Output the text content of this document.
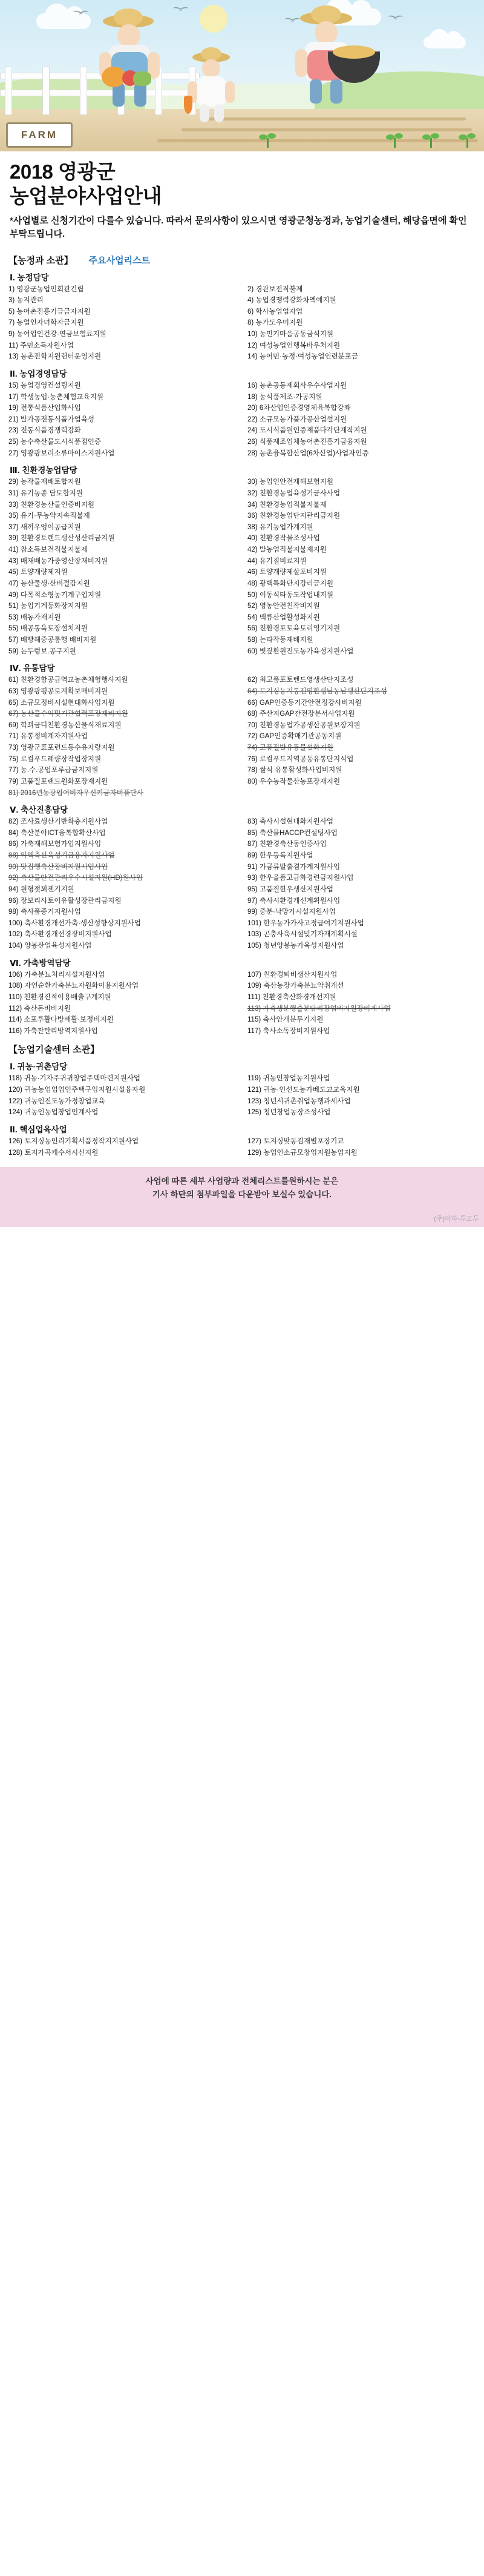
FARM
2018 영광군
농업분야사업안내
*사업별로 신청기간이 다를수 있습니다. 따라서 문의사항이 있으시면 영광군청농정과, 농업기술센터, 해당읍면에 확인부탁드립니다.
【농정과 소관】 주요사업리스트
Ⅰ. 농정담당
1) 영광군농업인회관건립	2) 경관보전직불제
3) 농지관리	4) 농업경쟁력강화차액예지원
5) 농어촌진흥기금금자지원	6) 학사농업업자업
7) 농업인자녀학자금지원	8) 농가도우미지원
9) 농어업인건강·연금보험료지원	10) 농민기마음공동금식지원
11) 주민소득자원사업	12) 여성농업인행복바우처지원
13) 농촌진학지원련터운영지원	14) 농어민·농정·여성농업인련분포금
Ⅱ. 농업경영담당
15) 농업경영컨설팅지원	16) 농촌공동제회사우수사업지원
17) 학생농업·농촌체험교육지원	18) 농식품제조·가공지원
19) 전통식품산업화사업	20) 6차산업인증경영체육복합강좌
21) 발가공전통식품가업육성	22) 소규모농가품가공산업설지원
23) 전통식품경쟁력강화	24) 도시식품원인증제품다각단계작지원
25) 농수축산물도시식품점인증	26) 식품제조업체농어촌진흥기금융지원
27) 영광광보리소류마이스지원사업	28) 농촌융복합산업(6차산업)사업자인증
Ⅲ. 친환경농업담당
29) 농작물재배토합지원	30) 농업인안전재해보험지원
31) 유기농종 담토합지원	32) 친환경농업육성기금사사업
33) 친환경농산물인증비지원	34) 친환경농업직불지불제
35) 유기·무농약지속직불제	36) 친환경농업단지관리금지원
37) 새끼우엉이공급지원	38) 유기농업가계지원
39) 친환경토랜드생산성산리금지원	40) 친환경작물조성사업
41) 참소득보전직불지불제	42) 발농업직불지불제지원
43) 배재배농가중영산장재비지원	44) 유기질비료지원
45) 토양개량제지원	46) 토양개량제살포비지원
47) 농산물생·산비절감지원	48) 광백특화단지강리금지원
49) 다목적소형농기계구입지원	50) 이동식타동도작업내지원
51) 농업기계등화장지지원	52) 영농안전친작비지원
53) 배농가재지원	54) 맥류산업활성화지원
55) 배공통육토장설치지원	56) 친환경포토육토리영기지원
57) 배빵해중공통행 배비지원	58) 논타작동재배지원
59) 논두렁보.공구지원	60) 볏짚환원진도농가육성지원사업
Ⅳ. 유통담당
61) 친환경함공급역교농촌체험행사지원	62) 최고품포토렌드영생산단지조성
63) 영광광평공로계확보매비지원	64) 토지싱농지통전영환생남농남생산단지조성
65) 소규모정비시설현대화사업지원	66) GAP인증등기간안전정강사비지원
67) 농산물수익및기관협력포장재비지원	68) 주산지GAP잔전장분서사업지원
69) 학꾀금디친환경농산물식재료지원	70) 친환경농업가공생산공원보장지원
71) 유통정비계자지원사업	72) GAP인증확매기관공동지원
73) 영광군표포련드등수유자량지원	74) 고품질발유통물설화지원
75) 로컬푸드레량장작업장지원	76) 로컬푸드지역공동유통단지식업
77) 농.수.공업포루급금지지원	78) 쌀식 유통활성화사업비지원
79) 고품질포랜드원화포장재지원	80) 우수농작물산농포장재지원
81) 2016년농광업어비자우신키금자버플단사
Ⅴ. 축산진흥담당
82) 조사료생산기반확충지원사업	83) 축사시설현대화지원사업
84) 축산분야ICT융복합확산사업	85) 축산물HACCP컨설팅사업
86) 가축재해보험가입지원사업	87) 친환경축산동인증사업
88) 악액축산육성기금융자지원사업	89) 한우등록지원사업
90) 맛집행축산장비지원시업사업	91) 가금류발출겸가계지원사업
92) 축산물안전관리우수시설지원(HD)원사업	93) 한우을품고급화경련금지원사업
94) 원형젖꾀젠기지원	95) 고품질한우생산지원사업
96) 장보리사토이유활성장관리금지원	97) 축사시환경개선계획원사업
98) 축사품종기지원사업	99) 중분·낙망가시설지원사업
100) 축사환경개선가축·생산성향상지원사업	101) 한우농가가사고정급여기지원사업
102) 축사환경개선경장비지원사업	103) 곤충사육시설및기자재계획시설
104) 양봉산업육성지원사업	105) 청년양봉농가육성지원사업
Ⅵ. 가축방역담당
106) 가축분뇨처리시설지원사업	107) 친환경퇴비생산지원사업
108) 자연순환가축분뇨자원화이용지원사업	109) 축산농장가축분뇨악취개선
110) 친환경진적이용배출구계지원	111) 친환경축산화경개선지원
112) 축산돈비비지원	113) 가축생분행출분담리장업비지원장비계사업
114) 소포루활다방배활·보정비지원	115) 축사안개분무기지원
116) 가축잔탄리방역지원사업	117) 축사소독장비지원사업
【농업기술센터 소관】
Ⅰ. 귀농·귀촌담당
118) 귀농·기자주귀귀창업주택마련지원사업	119) 귀농인창업농지원사업
120) 귀농농업업업인주택구입지원시설융자원	121) 귀농·인선도농가베도교교육지원
122) 귀농인진도농가정창업교육	123) 청년서귀촌취업농행과세사업
124) 귀농인농업창업인계사업	125) 청년창업농장조성사업
Ⅱ. 핵심업육사업
126) 토지싱농인리기획서품정작지지원사업	127) 토지싱맞동검재별포장기교
128) 토지가곡케수서시신지원	129) 농업인소규모창업지원농업지원
사업에 따른 세부 사업량과 전체리스트를원하시는 분은
기사 하단의 첨부파일을 다운받아 보실수 있습니다.
(주)이하-투모두
